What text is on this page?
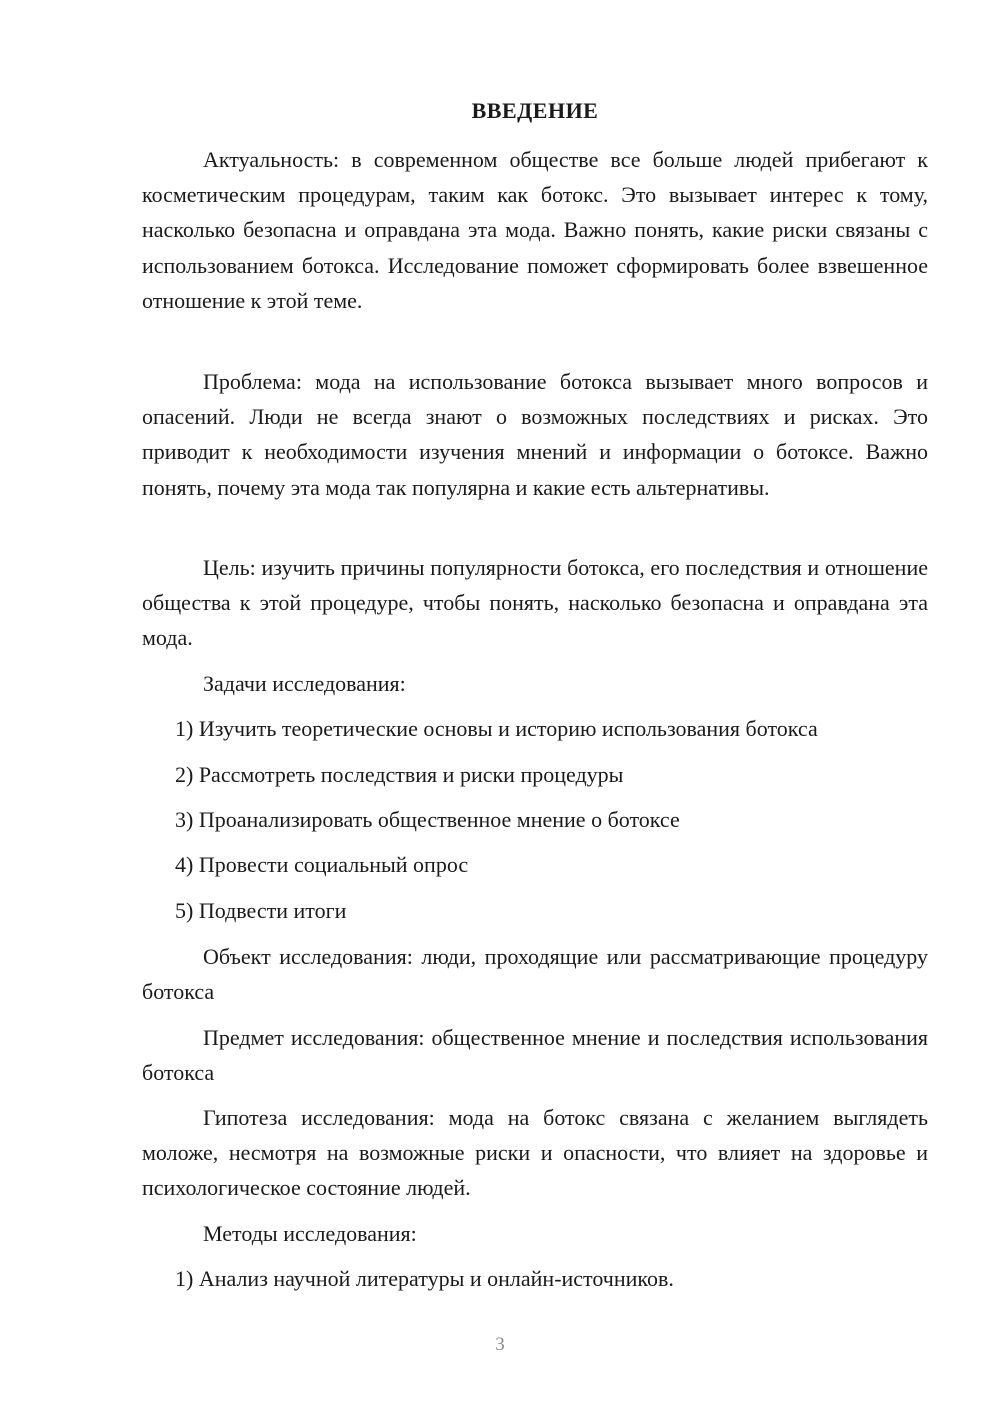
ВВЕДЕНИЕ

Актуальность: в современном обществе все больше людей прибегают к косметическим процедурам, таким как ботокс. Это вызывает интерес к тому, насколько безопасна и оправдана эта мода. Важно понять, какие риски связаны с использованием ботокса. Исследование поможет сформировать более взвешенное отношение к этой теме.

Проблема: мода на использование ботокса вызывает много вопросов и опасений. Люди не всегда знают о возможных последствиях и рисках. Это приводит к необходимости изучения мнений и информации о ботоксе. Важно понять, почему эта мода так популярна и какие есть альтернативы.

Цель: изучить причины популярности ботокса, его последствия и отношение общества к этой процедуре, чтобы понять, насколько безопасна и оправдана эта мода.

Задачи исследования:

1) Изучить теоретические основы и историю использования ботокса

2) Рассмотреть последствия и риски процедуры

3) Проанализировать общественное мнение о ботоксе

4) Провести социальный опрос

5) Подвести итоги

Объект исследования: люди, проходящие или рассматривающие процедуру ботокса

Предмет исследования: общественное мнение и последствия использования ботокса

Гипотеза исследования: мода на ботокс связана с желанием выглядеть моложе, несмотря на возможные риски и опасности, что влияет на здоровье и психологическое состояние людей.

Методы исследования:

1) Анализ научной литературы и онлайн-источников.

3
